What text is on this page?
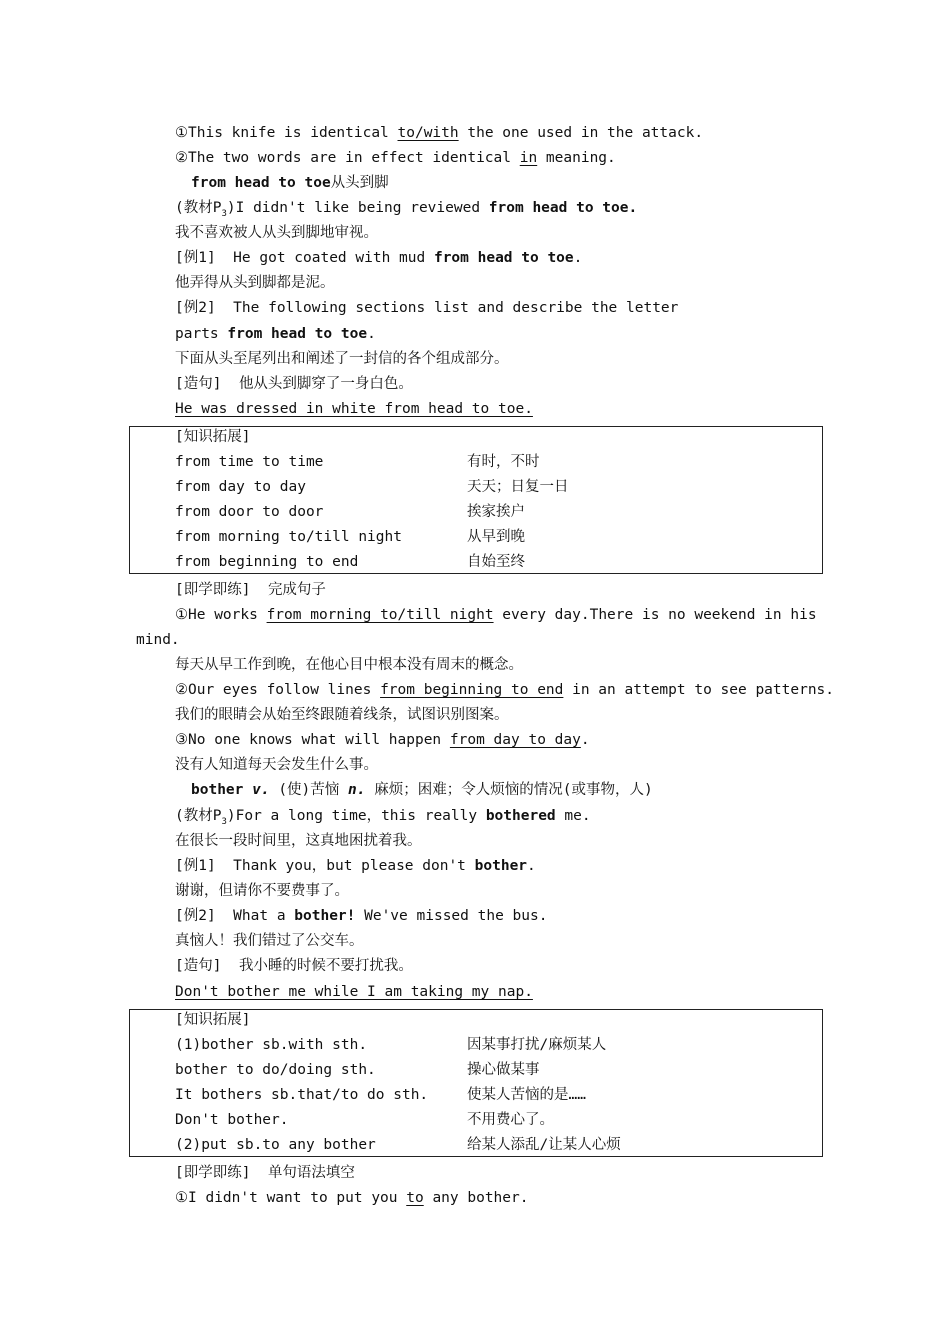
①This knife is identical to/with the one used in the attack.
②The two words are in effect identical in meaning.
from head to toe从头到脚
(教材$P_3)I$ didn't like being reviewed from head to toe.
我不喜欢被人从头到脚地审视。
[例1] He got coated with mud from head to toe.
他弄得从头到脚都是泥。
[例2] The following sections list and describe the letter
parts from head to toe.
下面从头至尾列出和阐述了一封信的各个组成部分。
[造句] 他从头到脚穿了一身白色。
He was dressed in white from head to toe.
[知识拓展]
from time to time	有时，不时
from day to day	天天；日复一日
from door to door	挨家挨户
from morning to/till night	从早到晚
from beginning to end	自始至终
[即学即练] 完成句子
①He works from morning to/till night every day.There is no weekend in his
mind.
每天从早工作到晚，在他心目中根本没有周末的概念。
②Our eyes follow lines from beginning to end in an attempt to see patterns.
我们的眼睛会从始至终跟随着线条，试图识别图案。
③No one knows what will happen from day to day.
没有人知道每天会发生什么事。
bother v. (使)苦恼 n. 麻烦；困难；令人烦恼的情况(或事物，人)
(教材$P_3)For$ a long time，this really bothered me.
在很长一段时间里，这真地困扰着我。
[例1] Thank you，but please don't bother.
谢谢，但请你不要费事了。
[例2] What a bother! We've missed the bus.
真恼人！我们错过了公交车。
[造句] 我小睡的时候不要打扰我。
Don't bother me while I am taking my nap.
[知识拓展]
(1)bother sb.with sth.	因某事打扰/麻烦某人
bother to do/doing sth.	操心做某事
It bothers sb.that/to do sth.	使某人苦恼的是……
Don't bother.	不用费心了。
(2)put sb.to any bother	给某人添乱/让某人心烦
[即学即练] 单句语法填空
①I didn't want to put you to any bother.
